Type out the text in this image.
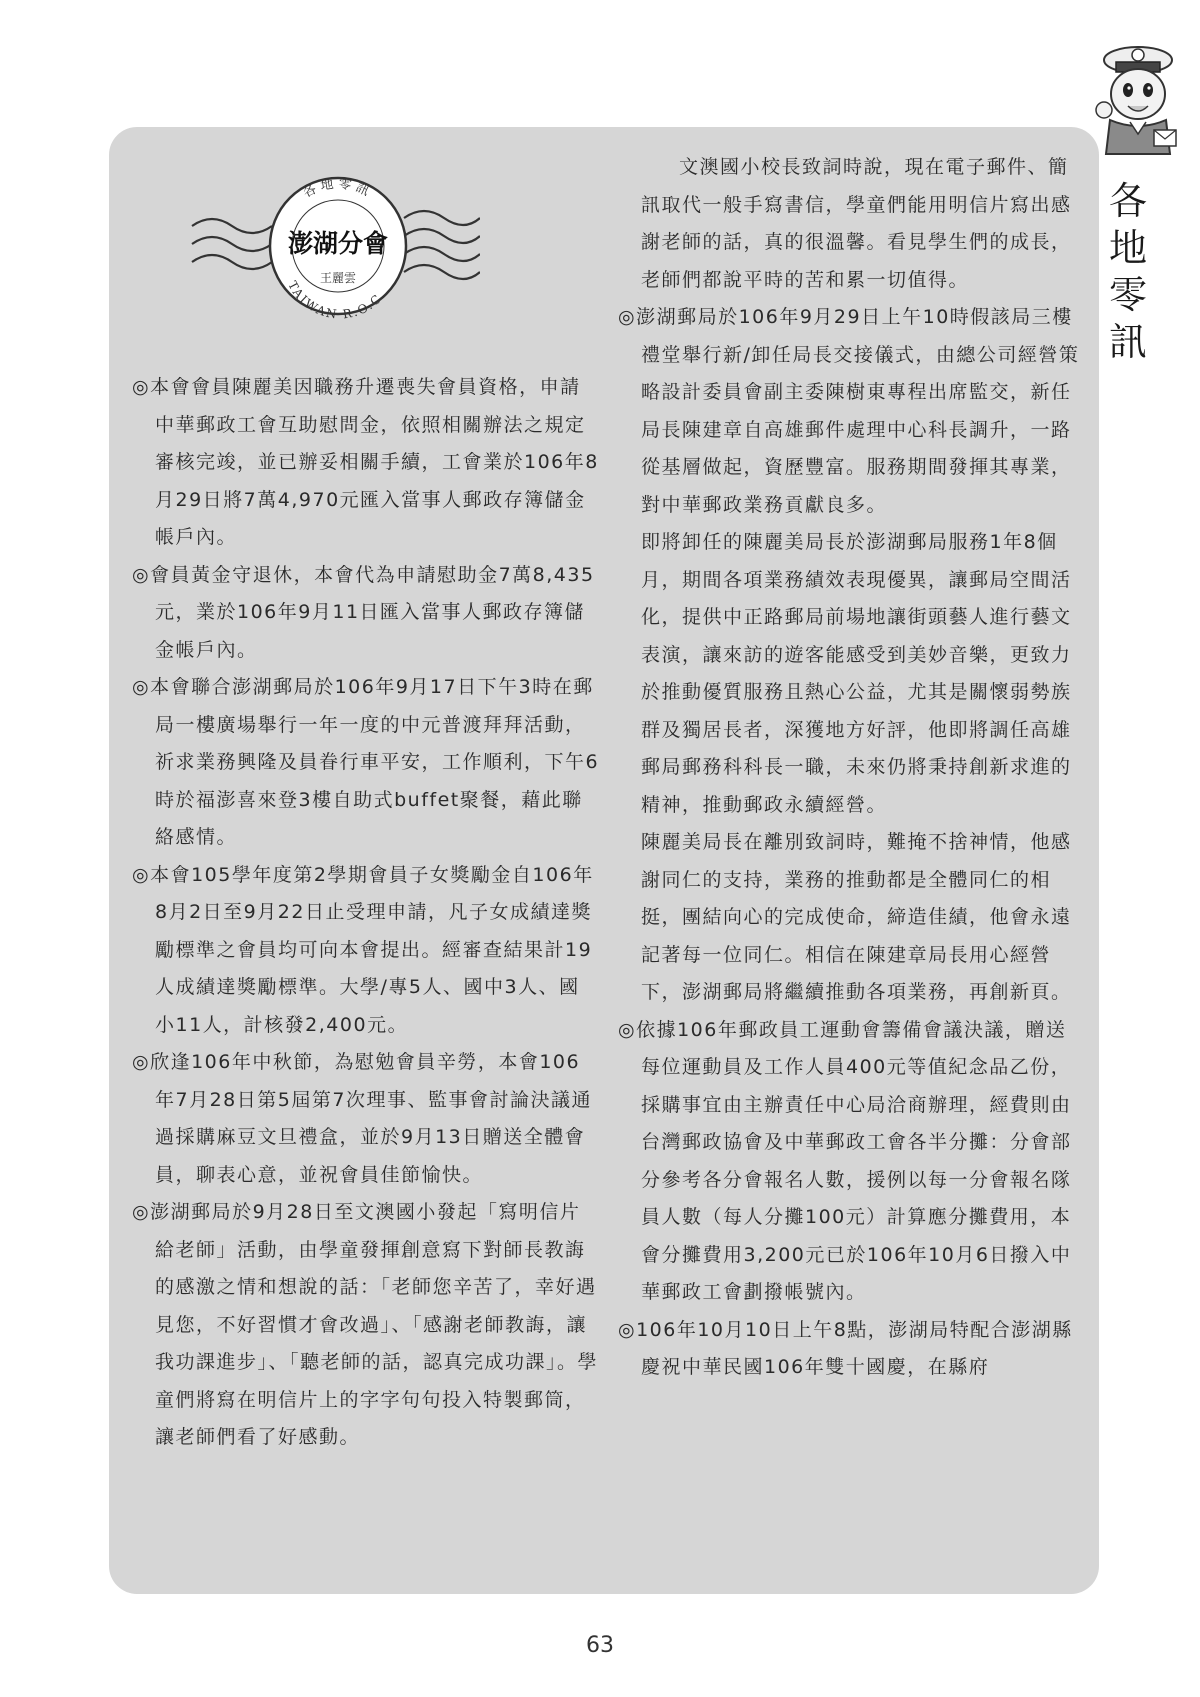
各
地
零
訊
各地零訊
澎湖分會
王麗雲
TAIWAN R.O.C.

◎本會會員陳麗美因職務升遷喪失會員資格，申請中華郵政工會互助慰問金，依照相關辦法之規定審核完竣，並已辦妥相關手續，工會業於106年8月29日將7萬4,970元匯入當事人郵政存簿儲金帳戶內。

◎會員黃金守退休，本會代為申請慰助金7萬8,435元，業於106年9月11日匯入當事人郵政存簿儲金帳戶內。

◎本會聯合澎湖郵局於106年9月17日下午3時在郵局一樓廣場舉行一年一度的中元普渡拜拜活動，祈求業務興隆及員眷行車平安，工作順利，下午6時於福澎喜來登3樓自助式buffet聚餐，藉此聯絡感情。

◎本會105學年度第2學期會員子女獎勵金自106年8月2日至9月22日止受理申請，凡子女成績達獎勵標準之會員均可向本會提出。經審查結果計19人成績達獎勵標準。大學/專5人、國中3人、國小11人，計核發2,400元。

◎欣逢106年中秋節，為慰勉會員辛勞，本會106年7月28日第5屆第7次理事、監事會討論決議通過採購麻豆文旦禮盒，並於9月13日贈送全體會員，聊表心意，並祝會員佳節愉快。

◎澎湖郵局於9月28日至文澳國小發起「寫明信片給老師」活動，由學童發揮創意寫下對師長教誨的感激之情和想說的話：「老師您辛苦了，幸好遇見您，不好習慣才會改過」、「感謝老師教誨，讓我功課進步」、「聽老師的話，認真完成功課」。學童們將寫在明信片上的字字句句投入特製郵筒，讓老師們看了好感動。

文澳國小校長致詞時說，現在電子郵件、簡訊取代一般手寫書信，學童們能用明信片寫出感謝老師的話，真的很溫馨。看見學生們的成長，老師們都說平時的苦和累一切值得。

◎澎湖郵局於106年9月29日上午10時假該局三樓禮堂舉行新/卸任局長交接儀式，由總公司經營策略設計委員會副主委陳樹東專程出席監交，新任局長陳建章自高雄郵件處理中心科長調升，一路從基層做起，資歷豐富。服務期間發揮其專業，對中華郵政業務貢獻良多。

即將卸任的陳麗美局長於澎湖郵局服務1年8個月，期間各項業務績效表現優異，讓郵局空間活化，提供中正路郵局前場地讓街頭藝人進行藝文表演，讓來訪的遊客能感受到美妙音樂，更致力於推動優質服務且熱心公益，尤其是關懷弱勢族群及獨居長者，深獲地方好評，他即將調任高雄郵局郵務科科長一職，未來仍將秉持創新求進的精神，推動郵政永續經營。

陳麗美局長在離別致詞時，難掩不捨神情，他感謝同仁的支持，業務的推動都是全體同仁的相挺，團結向心的完成使命，締造佳績，他會永遠記著每一位同仁。相信在陳建章局長用心經營下，澎湖郵局將繼續推動各項業務，再創新頁。

◎依據106年郵政員工運動會籌備會議決議，贈送每位運動員及工作人員400元等值紀念品乙份，採購事宜由主辦責任中心局洽商辦理，經費則由台灣郵政協會及中華郵政工會各半分攤：分會部分參考各分會報名人數，援例以每一分會報名隊員人數（每人分攤100元）計算應分攤費用，本會分攤費用3,200元已於106年10月6日撥入中華郵政工會劃撥帳號內。

◎106年10月10日上午8點，澎湖局特配合澎湖縣慶祝中華民國106年雙十國慶，在縣府

63
